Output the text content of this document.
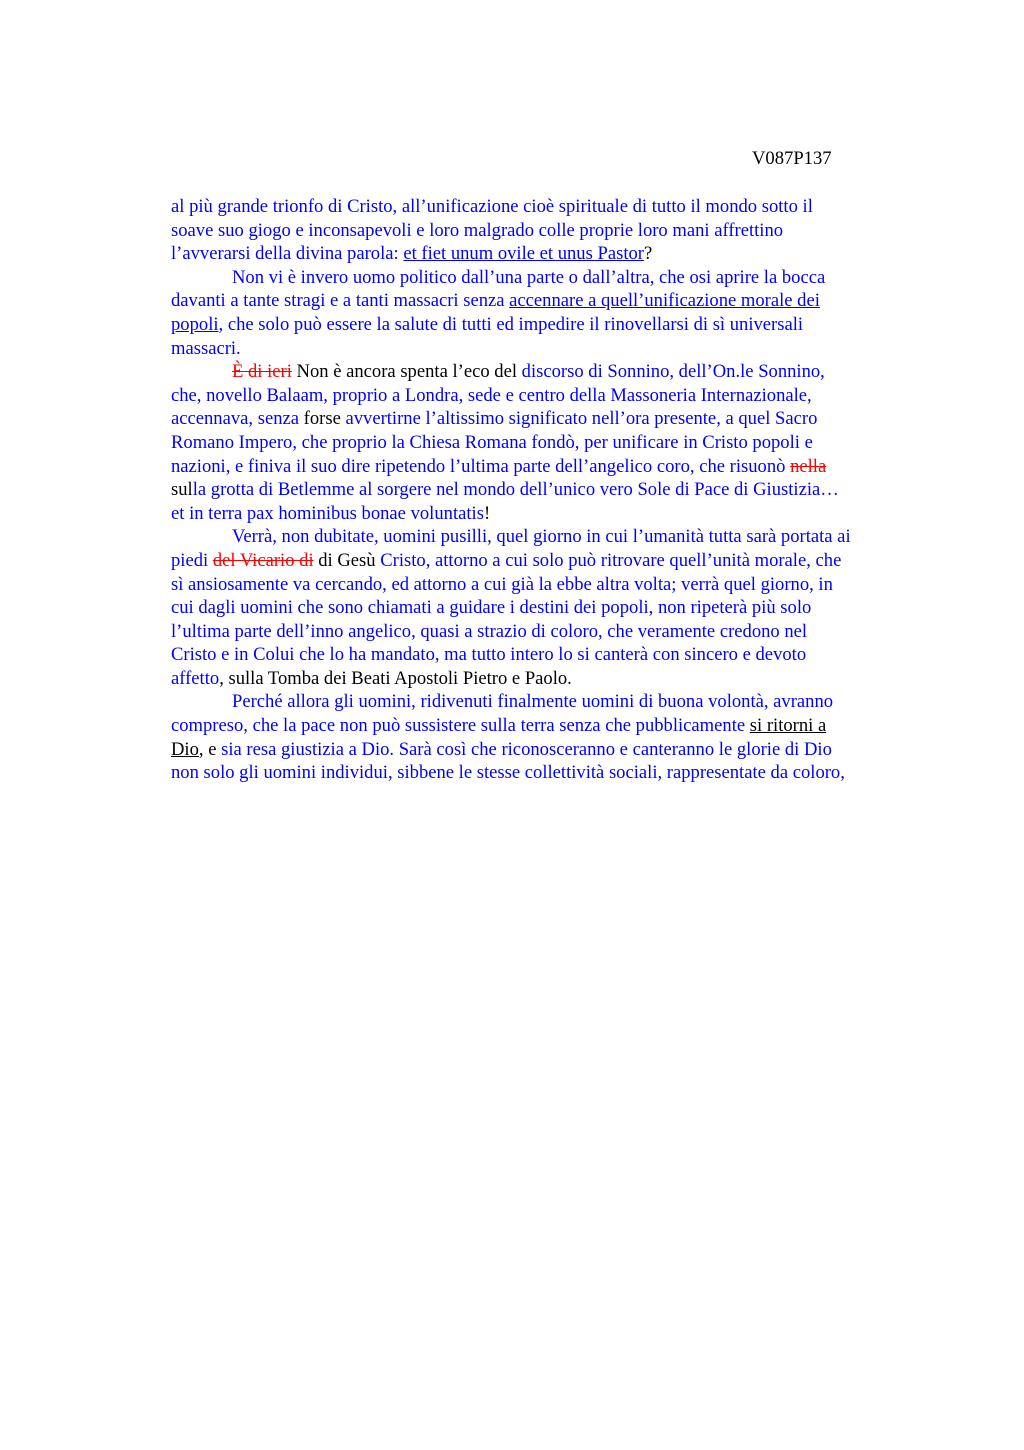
V087P137
al più grande trionfo di Cristo, all’unificazione cioè spirituale di tutto il mondo sotto il
soave suo giogo e inconsapevoli e loro malgrado colle proprie loro mani affrettino
l’avverarsi della divina parola: et fiet unum ovile et unus Pastor?
Non vi è invero uomo politico dall’una parte o dall’altra, che osi aprire la bocca
davanti a tante stragi e a tanti massacri senza accennare a quell’unificazione morale dei
popoli, che solo può essere la salute di tutti ed impedire il rinovellarsi di sì universali
massacri.
È di ieri Non è ancora spenta l’eco del discorso di Sonnino, dell’On.le Sonnino,
che, novello Balaam, proprio a Londra, sede e centro della Massoneria Internazionale,
accennava, senza forse avvertirne l’altissimo significato nell’ora presente, a quel Sacro
Romano Impero, che proprio la Chiesa Romana fondò, per unificare in Cristo popoli e
nazioni, e finiva il suo dire ripetendo l’ultima parte dell’angelico coro, che risuonò nella
sulla grotta di Betlemme al sorgere nel mondo dell’unico vero Sole di Pace di Giustizia…
et in terra pax hominibus bonae voluntatis!
Verrà, non dubitate, uomini pusilli, quel giorno in cui l’umanità tutta sarà portata ai
piedi del Vicario di di Gesù Cristo, attorno a cui solo può ritrovare quell’unità morale, che
sì ansiosamente va cercando, ed attorno a cui già la ebbe altra volta; verrà quel giorno, in
cui dagli uomini che sono chiamati a guidare i destini dei popoli, non ripeterà più solo
l’ultima parte dell’inno angelico, quasi a strazio di coloro, che veramente credono nel
Cristo e in Colui che lo ha mandato, ma tutto intero lo si canterà con sincero e devoto
affetto, sulla Tomba dei Beati Apostoli Pietro e Paolo.
Perché allora gli uomini, ridivenuti finalmente uomini di buona volontà, avranno
compreso, che la pace non può sussistere sulla terra senza che pubblicamente si ritorni a
Dio, e sia resa giustizia a Dio. Sarà così che riconosceranno e canteranno le glorie di Dio
non solo gli uomini individui, sibbene le stesse collettività sociali, rappresentate da coloro,
